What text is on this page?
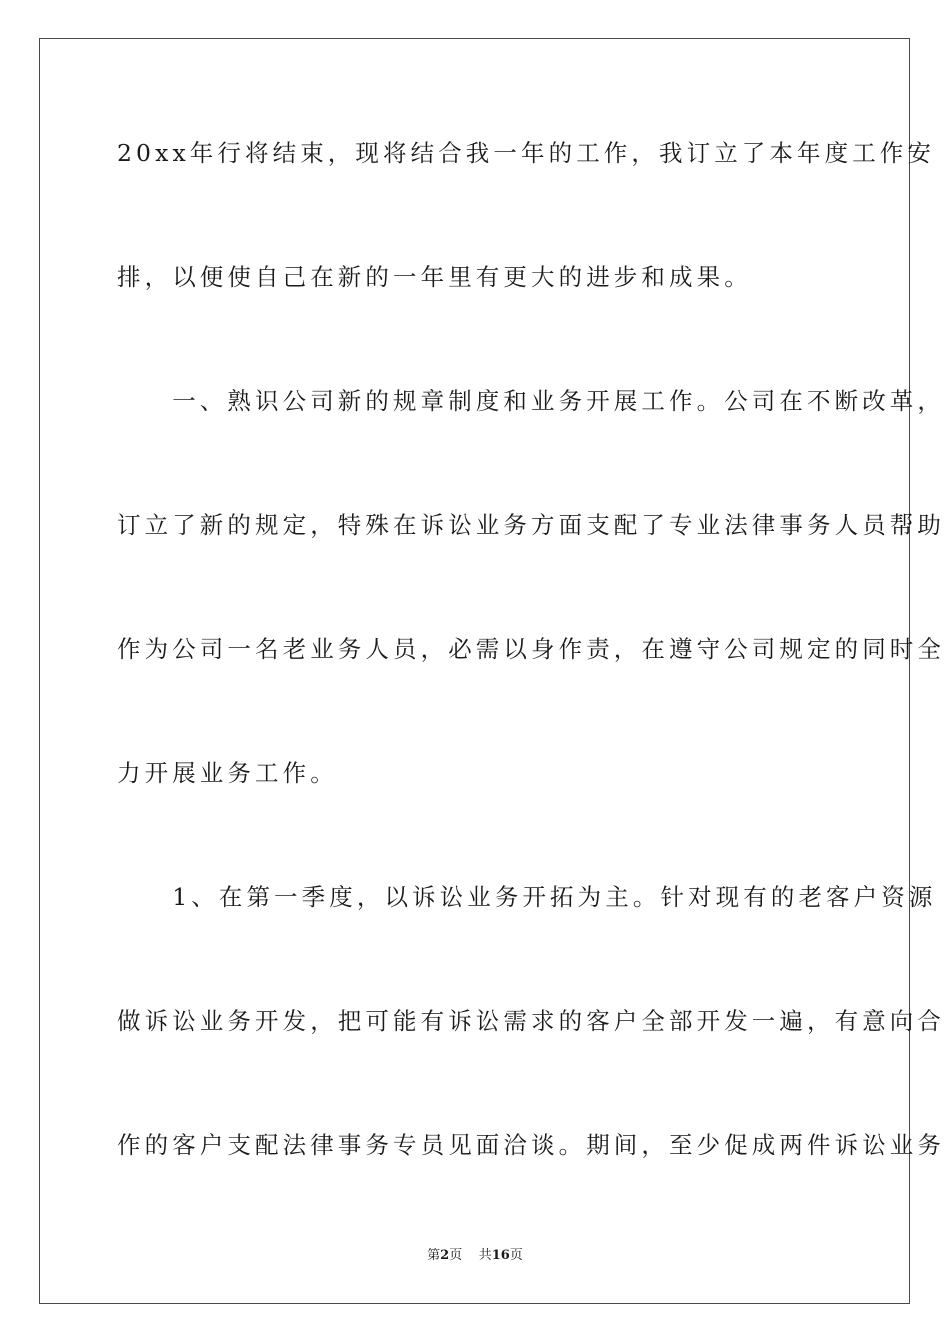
20xx年行将结束，现将结合我一年的工作，我订立了本年度工作安
排，以便使自己在新的一年里有更大的进步和成果。
　　一、熟识公司新的规章制度和业务开展工作。公司在不断改革，
订立了新的规定，特殊在诉讼业务方面支配了专业法律事务人员帮助
作为公司一名老业务人员，必需以身作责，在遵守公司规定的同时全
力开展业务工作。
　　1、在第一季度，以诉讼业务开拓为主。针对现有的老客户资源
做诉讼业务开发，把可能有诉讼需求的客户全部开发一遍，有意向合
作的客户支配法律事务专员见面洽谈。期间，至少促成两件诉讼业务
第2页    共16页
